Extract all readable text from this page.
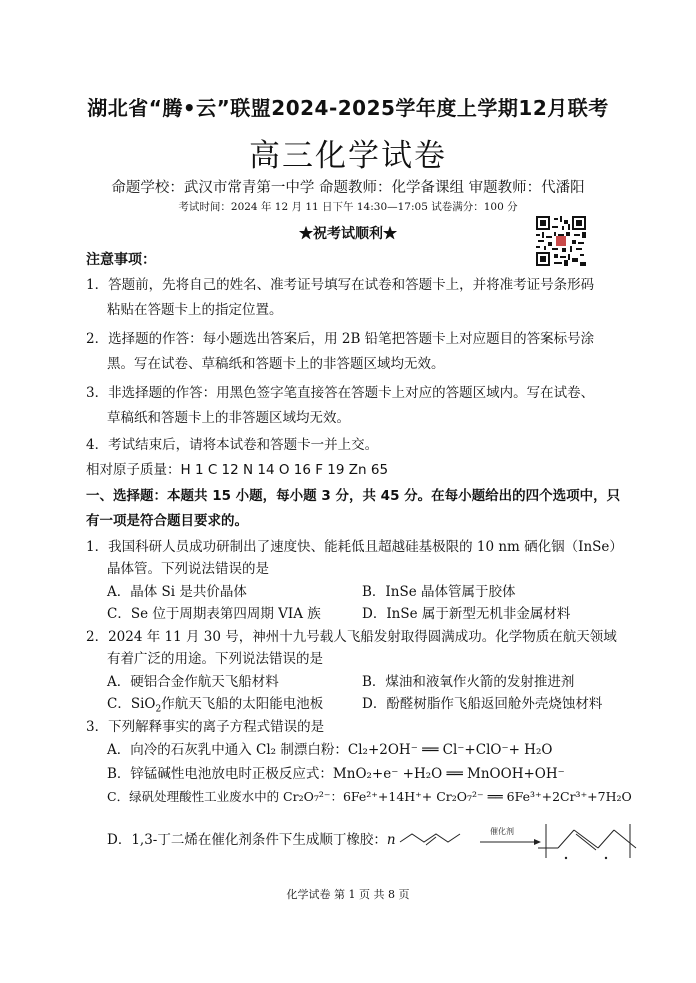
湖北省“腾•云”联盟2024-2025学年度上学期12月联考
高三化学试卷
命题学校：武汉市常青第一中学 命题教师：化学备课组 审题教师：代潘阳
考试时间：2024 年 12 月 11 日下午 14:30—17:05 试卷满分：100 分
★祝考试顺利★
注意事项：
1．答题前，先将自己的姓名、准考证号填写在试卷和答题卡上，并将准考证号条形码
粘贴在答题卡上的指定位置。
2．选择题的作答：每小题选出答案后，用 2B 铅笔把答题卡上对应题目的答案标号涂
黑。写在试卷、草稿纸和答题卡上的非答题区域均无效。
3．非选择题的作答：用黑色签字笔直接答在答题卡上对应的答题区域内。写在试卷、
草稿纸和答题卡上的非答题区域均无效。
4．考试结束后，请将本试卷和答题卡一并上交。
相对原子质量：H 1 C 12 N 14 O 16 F 19 Zn 65
一、选择题：本题共 15 小题，每小题 3 分，共 45 分。在每小题给出的四个选项中，只
有一项是符合题目要求的。
1．我国科研人员成功研制出了速度快、能耗低且超越硅基极限的 10 nm 硒化铟（InSe）
晶体管。下列说法错误的是
A．晶体 Si 是共价晶体	B．InSe 晶体管属于胶体
C．Se 位于周期表第四周期 VIA 族	D．InSe 属于新型无机非金属材料
2．2024 年 11 月 30 号，神州十九号载人飞船发射取得圆满成功。化学物质在航天领域
有着广泛的用途。下列说法错误的是
A．硬铝合金作航天飞船材料	B．煤油和液氧作火箭的发射推进剂
C．SiO$_2$作航天飞船的太阳能电池板	D．酚醛树脂作飞船返回舱外壳烧蚀材料
3．下列解释事实的离子方程式错误的是
A．向冷的石灰乳中通入 Cl₂ 制漂白粉：Cl₂+2OH⁻ ══ Cl⁻+ClO⁻+ H₂O
B．锌锰碱性电池放电时正极反应式：MnO₂+e⁻ +H₂O ══ MnOOH+OH⁻
C．绿矾处理酸性工业废水中的 Cr₂O₇²⁻：6Fe²⁺+14H⁺+ Cr₂O₇²⁻ ══ 6Fe³⁺+2Cr³⁺+7H₂O
D．1,3-丁二烯在催化剂条件下生成顺丁橡胶：n
催化剂
化学试卷 第 1 页 共 8 页
